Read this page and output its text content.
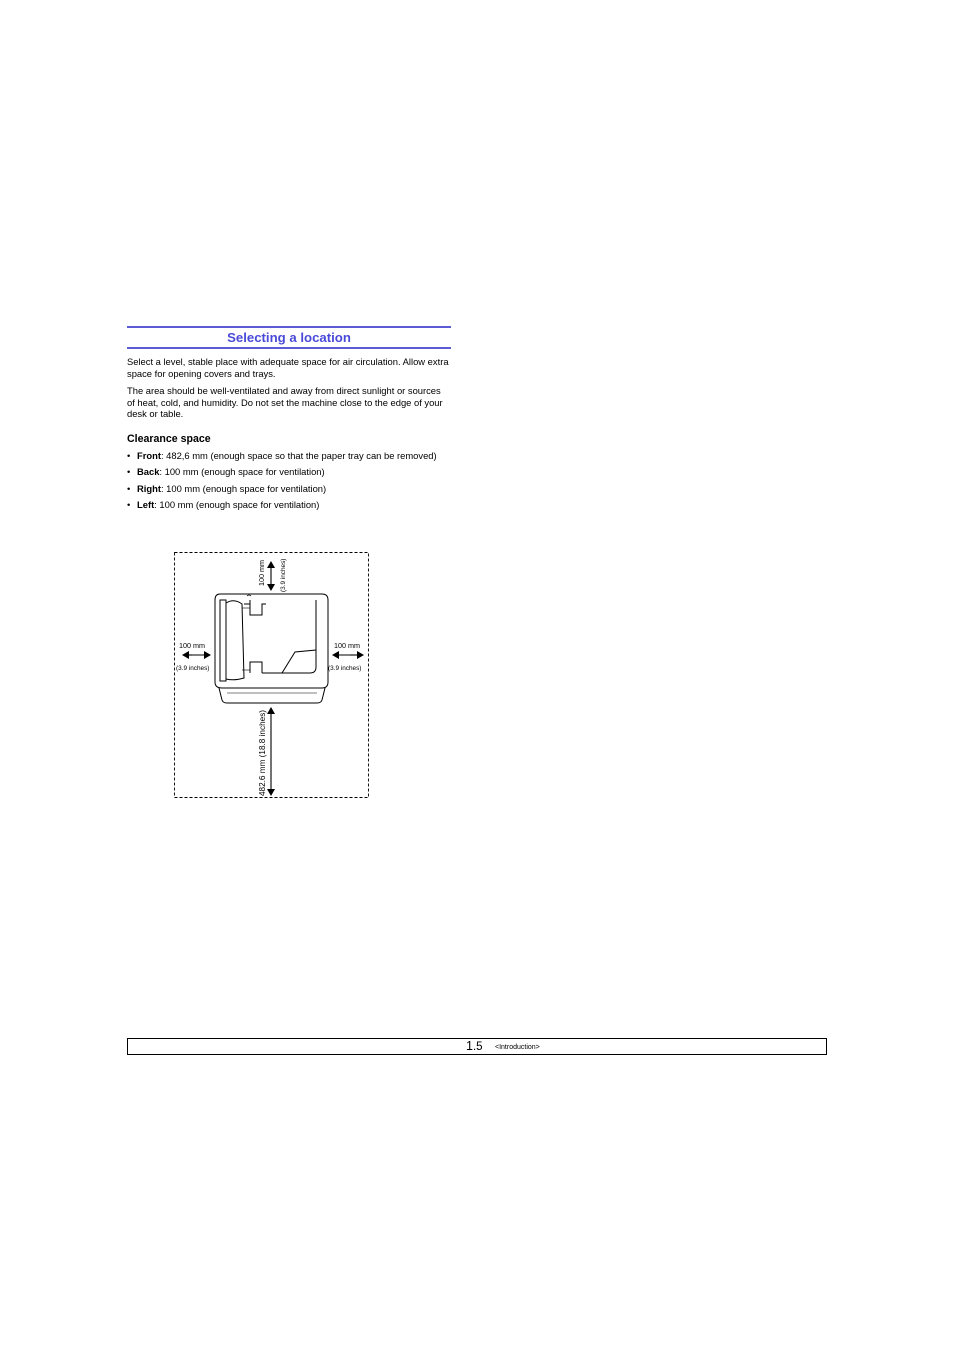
Selecting a location

Select a level, stable place with adequate space for air circulation. Allow extra space for opening covers and trays.

The area should be well-ventilated and away from direct sunlight or sources of heat, cold, and humidity. Do not set the machine close to the edge of your desk or table.

Clearance space
• Front: 482,6 mm (enough space so that the paper tray can be removed)
• Back: 100 mm (enough space for ventilation)
• Right: 100 mm (enough space for ventilation)
• Left: 100 mm (enough space for ventilation)
100 mm (3.9 inches)
100 mm
(3.9 inches)
100 mm
(3.9 inches)
482.6 mm (18.8 inches)
1.5 <Introduction>
